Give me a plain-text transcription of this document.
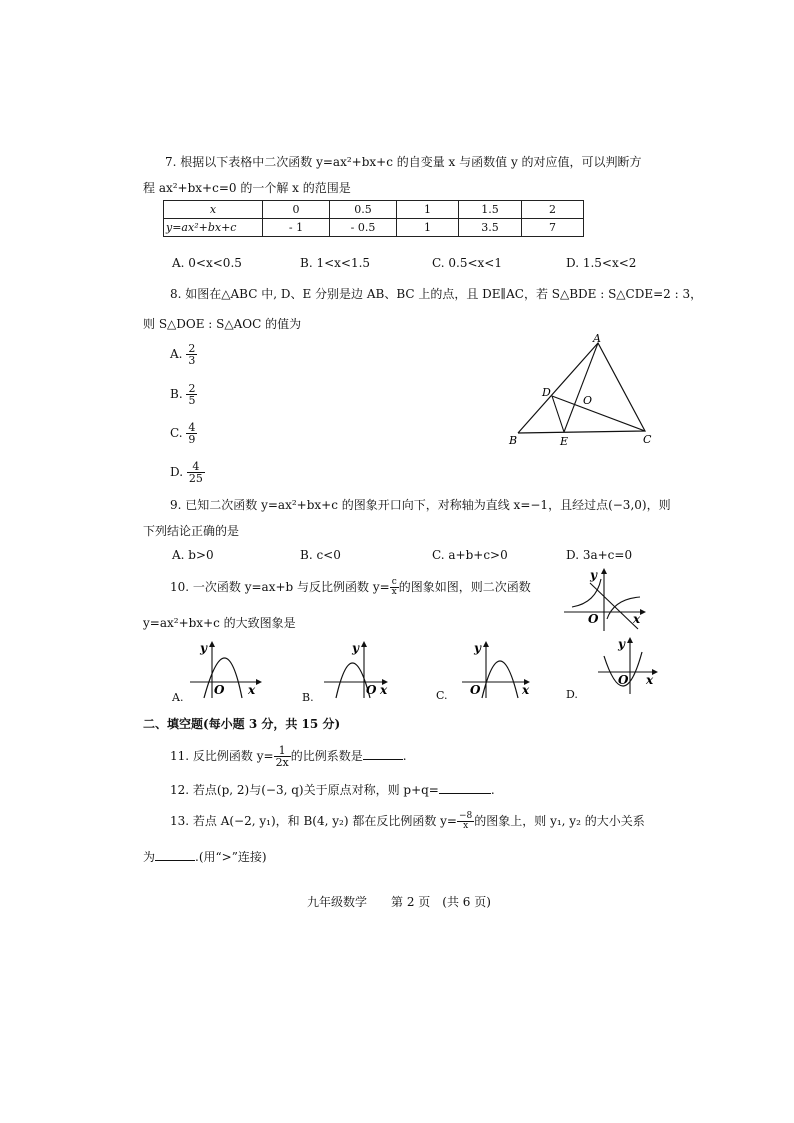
7. 根据以下表格中二次函数 y=ax²+bx+c 的自变量 x 与函数值 y 的对应值，可以判断方
程 ax²+bx+c=0 的一个解 x 的范围是
x	0	0.5	1	1.5	2
y=ax²+bx+c	- 1	- 0.5	1	3.5	7
A. 0<x<0.5	B. 1<x<1.5	C. 0.5<x<1	D. 1.5<x<2
8. 如图在△ABC 中, D、E 分别是边 AB、BC 上的点，且 DE∥AC，若 S△BDE : S△CDE=2 : 3，
则 S△DOE : S△AOC 的值为
A. $\frac{2}{3}$
B. $\frac{2}{5}$
C. $\frac{4}{9}$
D. $\frac{4}{25}$
A
B	C
D
E
O
9. 已知二次函数 y=ax²+bx+c 的图象开口向下，对称轴为直线 x=−1，且经过点(−3,0)，则
下列结论正确的是
A. b>0	B. c<0	C. a+b+c>0	D. 3a+c=0
10. 一次函数 y=ax+b 与反比例函数 $y= \frac{c}{x}$ 的图象如图，则二次函数
y=ax²+bx+c 的大致图象是
y
x
O
y
x
O
A.
y
x
O
B.
y
x
O
C.
y
x
O
D.
二、填空题(每小题 3 分，共 15 分)
11. 反比例函数 $y= \frac{1}{2x}$ 的比例系数是	.
12. 若点(p, 2)与(−3, q)关于原点对称，则 p+q=	.
13. 若点 A(−2, y₁)，和 B(4, y₂) 都在反比例函数 $y= \frac{-8}{x}$ 的图象上，则 y₁, y₂ 的大小关系
为	.(用“>”连接)
九年级数学　　第 2 页　(共 6 页)
